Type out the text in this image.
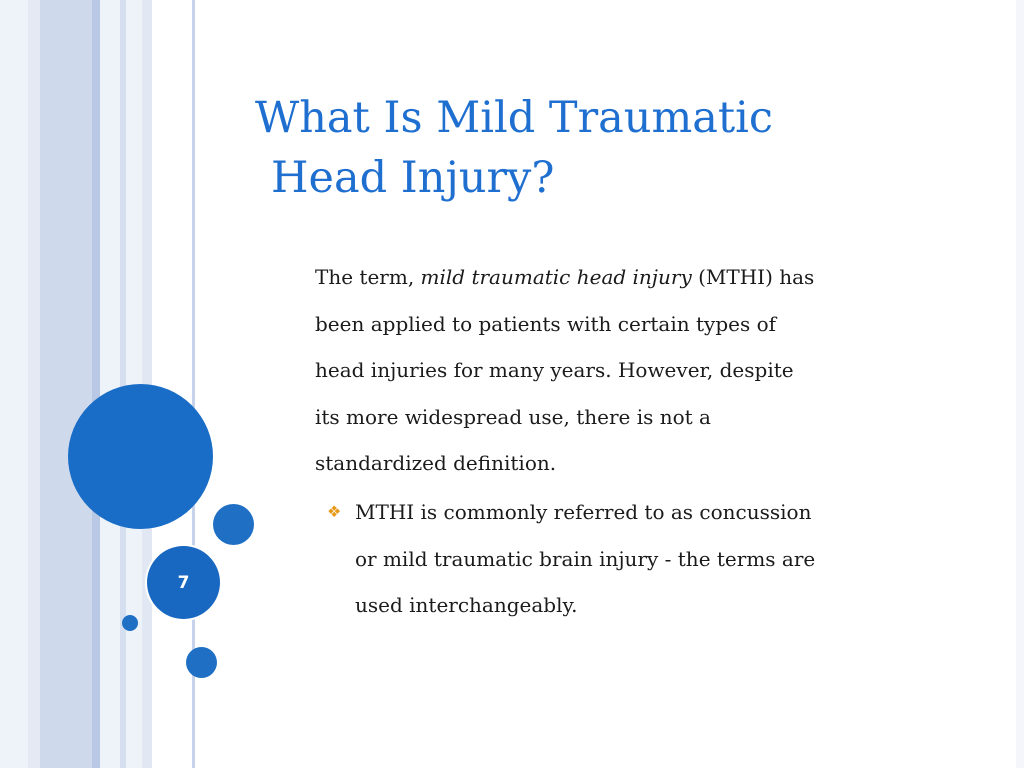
7
What Is Mild Traumatic
Head Injury?
The term, mild traumatic head injury (MTHI) has
been applied to patients with certain types of
head injuries for many years. However, despite
its more widespread use, there is not a
standardized definition.
❖ MTHI is commonly referred to as concussion
or mild traumatic brain injury - the terms are
used interchangeably.
